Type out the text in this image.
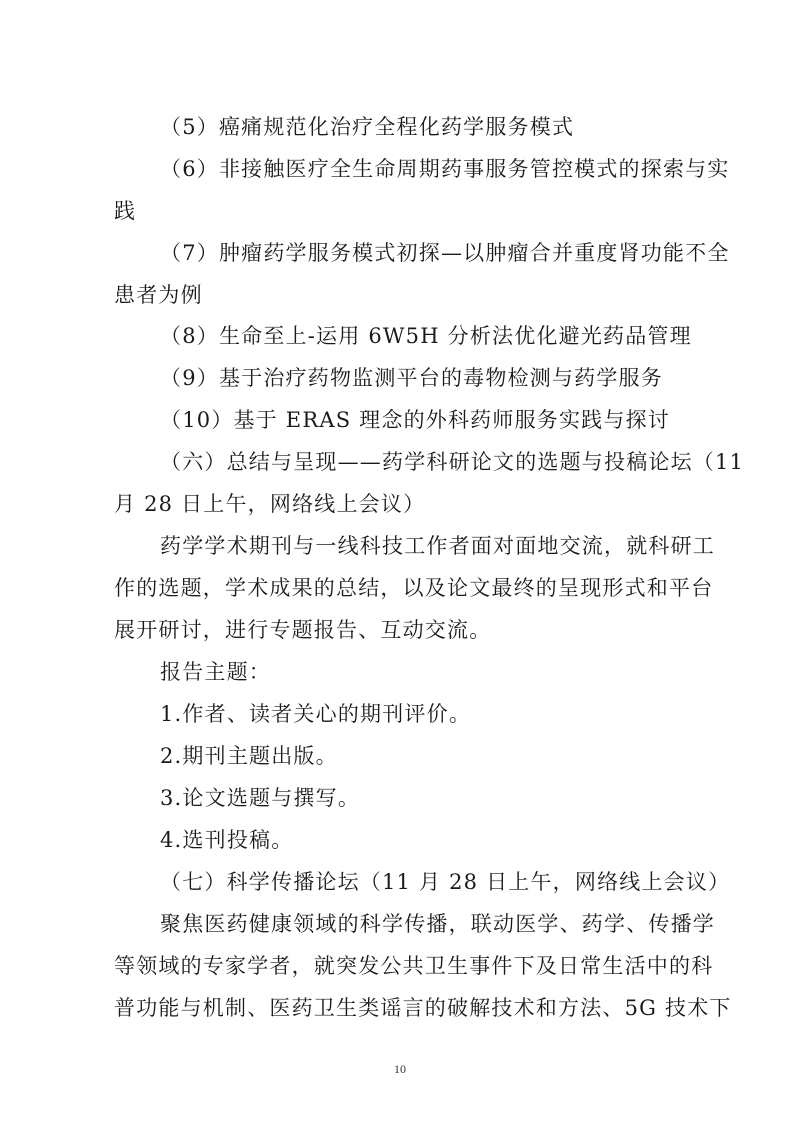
（5）癌痛规范化治疗全程化药学服务模式
（6）非接触医疗全生命周期药事服务管控模式的探索与实
践
（7）肿瘤药学服务模式初探—以肿瘤合并重度肾功能不全
患者为例
（8）生命至上-运用 6W5H 分析法优化避光药品管理
（9）基于治疗药物监测平台的毒物检测与药学服务
（10）基于 ERAS 理念的外科药师服务实践与探讨
（六）总结与呈现——药学科研论文的选题与投稿论坛（11
月 28 日上午，网络线上会议）
药学学术期刊与一线科技工作者面对面地交流，就科研工
作的选题，学术成果的总结，以及论文最终的呈现形式和平台
展开研讨，进行专题报告、互动交流。
报告主题：
1.作者、读者关心的期刊评价。
2.期刊主题出版。
3.论文选题与撰写。
4.选刊投稿。
（七）科学传播论坛（11 月 28 日上午，网络线上会议）
聚焦医药健康领域的科学传播，联动医学、药学、传播学
等领域的专家学者，就突发公共卫生事件下及日常生活中的科
普功能与机制、医药卫生类谣言的破解技术和方法、5G 技术下
10
